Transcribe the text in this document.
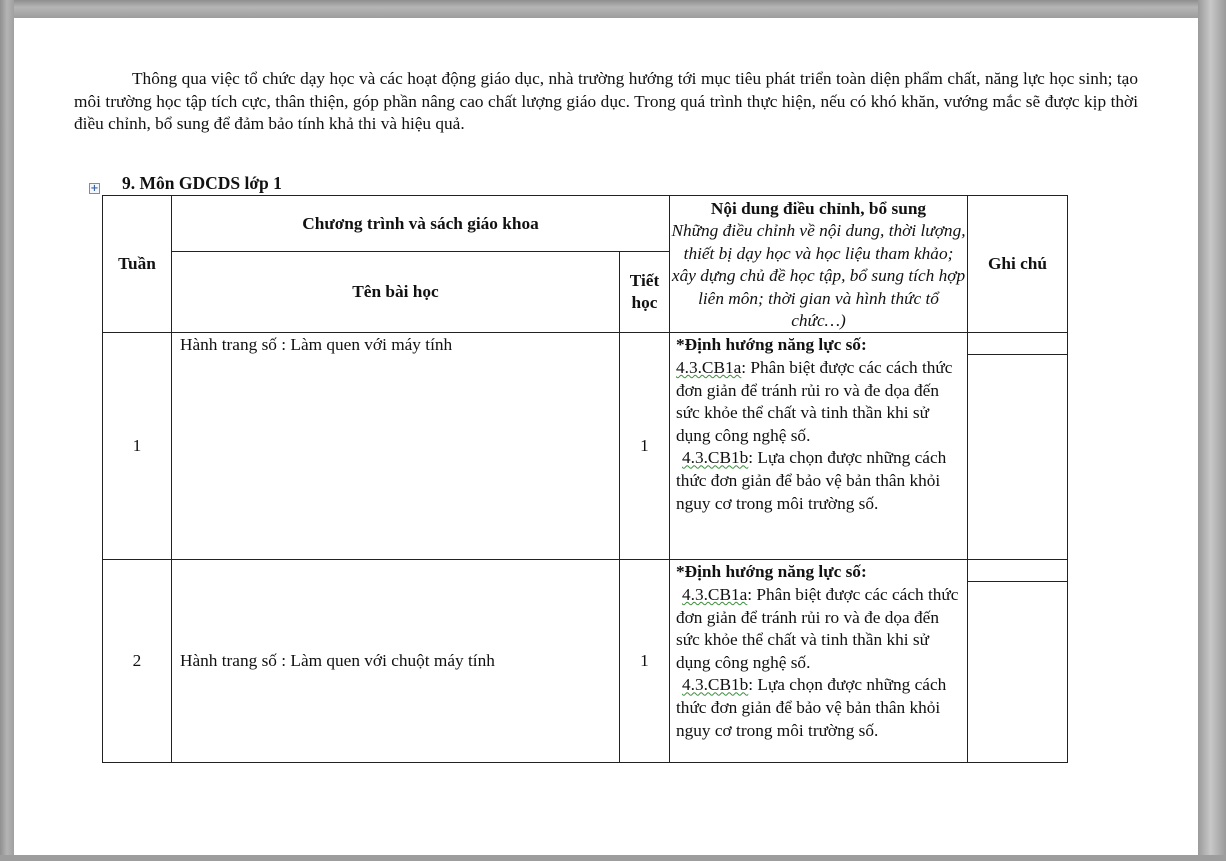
Thông qua việc tổ chức dạy học và các hoạt động giáo dục, nhà trường hướng tới mục tiêu phát triển toàn diện phẩm chất, năng lực học sinh; tạo môi trường học tập tích cực, thân thiện, góp phần nâng cao chất lượng giáo dục. Trong quá trình thực hiện, nếu có khó khăn, vướng mắc sẽ được kịp thời điều chỉnh, bổ sung để đảm bảo tính khả thi và hiệu quả.

+ 9. Môn GDCDS lớp 1

Tuần	Chương trình và sách giáo khoa		Nội dung điều chỉnh, bổ sung
Những điều chỉnh về nội dung, thời lượng, thiết bị dạy học và học liệu tham khảo; xây dựng chủ đề học tập, bổ sung tích hợp liên môn; thời gian và hình thức tổ chức…)	Ghi chú
	Tên bài học	Tiết học		
1	Hành trang số : Làm quen với máy tính	1	*Định hướng năng lực số:
4.3.CB1a: Phân biệt được các cách thức đơn giản để tránh rủi ro và đe dọa đến sức khỏe thể chất và tinh thần khi sử dụng công nghệ số.
4.3.CB1b: Lựa chọn được những cách thức đơn giản để bảo vệ bản thân khỏi nguy cơ trong môi trường số.	

2	Hành trang số : Làm quen với chuột máy tính	1	*Định hướng năng lực số:
4.3.CB1a: Phân biệt được các cách thức đơn giản để tránh rủi ro và đe dọa đến sức khỏe thể chất và tinh thần khi sử dụng công nghệ số.
4.3.CB1b: Lựa chọn được những cách thức đơn giản để bảo vệ bản thân khỏi nguy cơ trong môi trường số.	
